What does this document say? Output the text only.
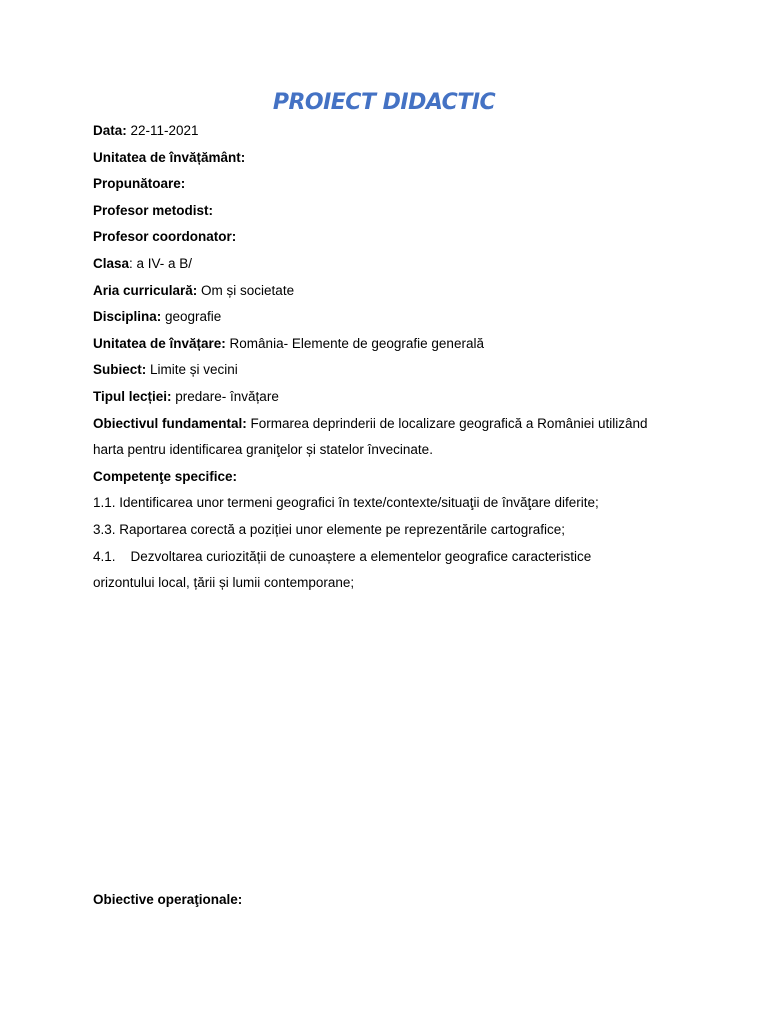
PROIECT DIDACTIC
Data: 22-11-2021
Unitatea de învățământ:
Propunătoare:
Profesor metodist:
Profesor coordonator:
Clasa: a IV- a B/
Aria curriculară: Om și societate
Disciplina: geografie
Unitatea de învățare: România- Elemente de geografie generală
Subiect: Limite și vecini
Tipul lecției: predare- învățare
Obiectivul fundamental: Formarea deprinderii de localizare geografică a României utilizând
harta pentru identificarea graniţelor și statelor învecinate.
Competenţe specifice:
1.1. Identificarea unor termeni geografici în texte/contexte/situaţii de învăţare diferite;
3.3. Raportarea corectă a poziției unor elemente pe reprezentările cartografice;
4.1.    Dezvoltarea curiozității de cunoaștere a elementelor geografice caracteristice
orizontului local, țării și lumii contemporane;
Obiective operaţionale:
